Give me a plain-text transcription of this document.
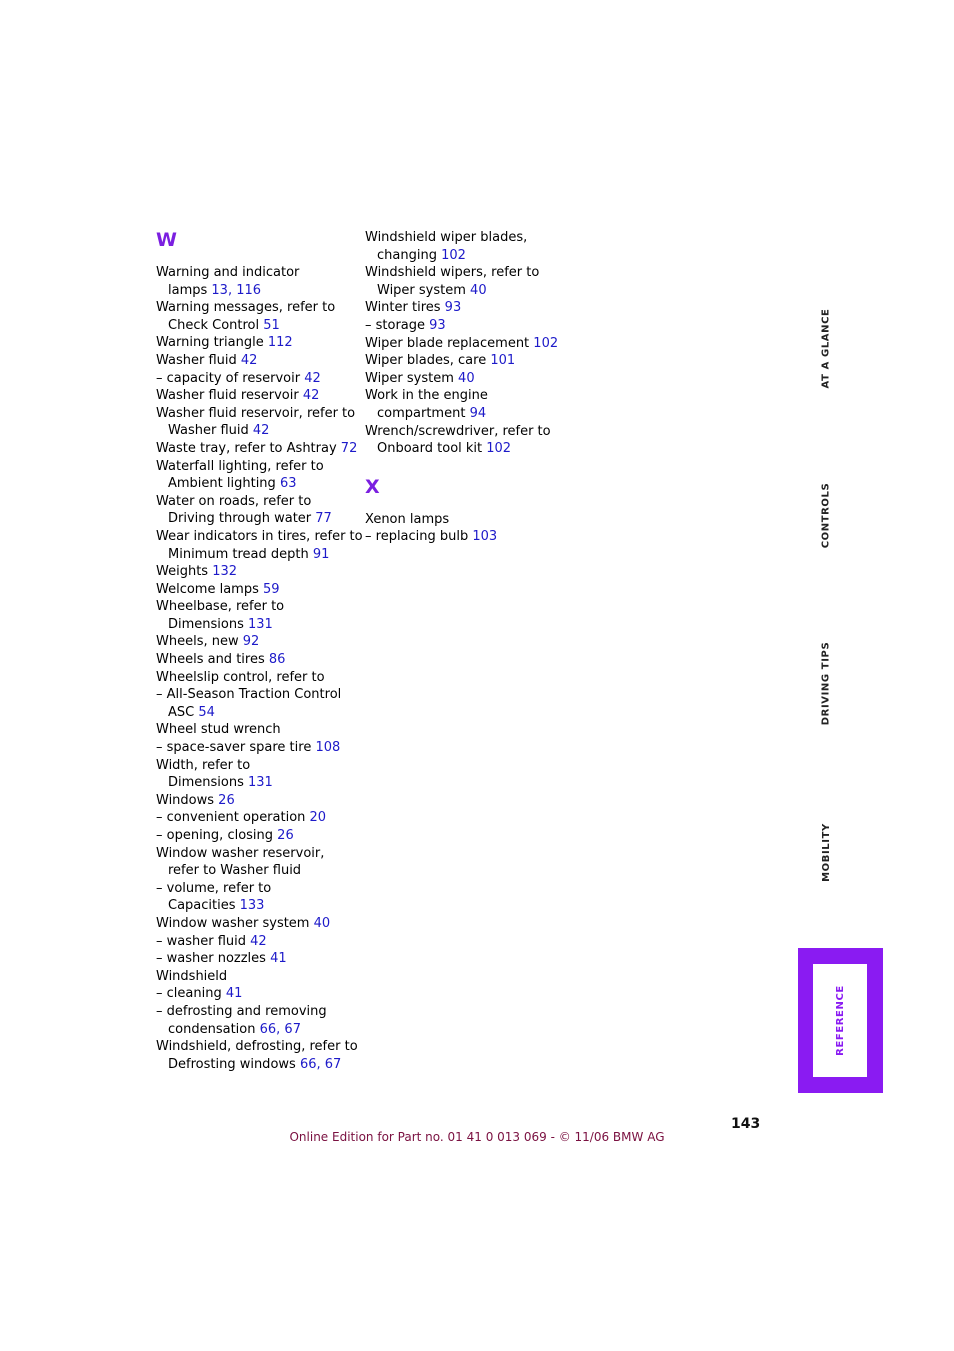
W
Warning and indicator
lamps 13, 116
Warning messages, refer to
Check Control 51
Warning triangle 112
Washer fluid 42
– capacity of reservoir 42
Washer fluid reservoir 42
Washer fluid reservoir, refer to
Washer fluid 42
Waste tray, refer to Ashtray 72
Waterfall lighting, refer to
Ambient lighting 63
Water on roads, refer to
Driving through water 77
Wear indicators in tires, refer to
Minimum tread depth 91
Weights 132
Welcome lamps 59
Wheelbase, refer to
Dimensions 131
Wheels, new 92
Wheels and tires 86
Wheelslip control, refer to
– All-Season Traction Control
ASC 54
Wheel stud wrench
– space-saver spare tire 108
Width, refer to
Dimensions 131
Windows 26
– convenient operation 20
– opening, closing 26
Window washer reservoir,
refer to Washer fluid
– volume, refer to
Capacities 133
Window washer system 40
– washer fluid 42
– washer nozzles 41
Windshield
– cleaning 41
– defrosting and removing
condensation 66, 67
Windshield, defrosting, refer to
Defrosting windows 66, 67
Windshield wiper blades,
changing 102
Windshield wipers, refer to
Wiper system 40
Winter tires 93
– storage 93
Wiper blade replacement 102
Wiper blades, care 101
Wiper system 40
Work in the engine
compartment 94
Wrench/screwdriver, refer to
Onboard tool kit 102
X
Xenon lamps
– replacing bulb 103
AT A GLANCE
CONTROLS
DRIVING TIPS
MOBILITY
REFERENCE
143
Online Edition for Part no. 01 41 0 013 069 - © 11/06 BMW AG
